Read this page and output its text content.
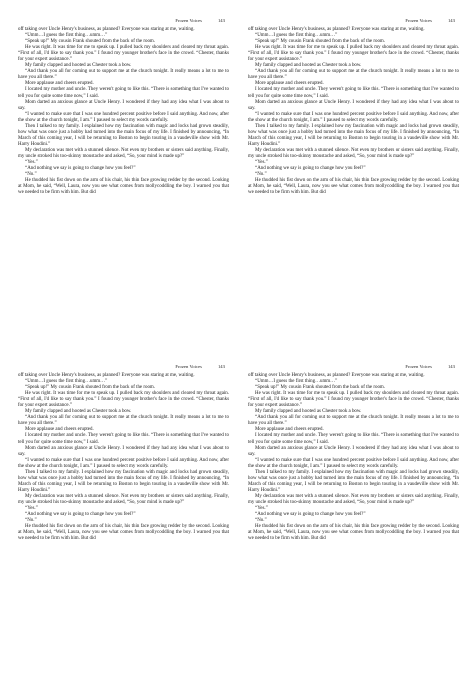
Frozen Voices	143

off taking over Uncle Henry's business, as planned? Everyone was staring at me, waiting.

“Umm…I guess the first thing…umm…”

“Speak up!” My cousin Frank shouted from the back of the room.

He was right. It was time for me to speak up. I pulled back my shoulders and cleared my throat again. “First of all, I'd like to say thank you.” I found my younger brother's face in the crowd. “Chester, thanks for your expert assistance.”

My family clapped and hooted as Chester took a bow.

“And thank you all for coming out to support me at the church tonight. It really means a lot to me to have you all there.”

More applause and cheers erupted.

I located my mother and uncle. They weren't going to like this. “There is something that I've wanted to tell you for quite some time now,” I said.

Mom darted an anxious glance at Uncle Henry. I wondered if they had any idea what I was about to say.

“I wanted to make sure that I was one hundred percent positive before I said anything. And now, after the show at the church tonight, I am.” I paused to select my words carefully.

Then I talked to my family. I explained how my fascination with magic and locks had grown steadily, how what was once just a hobby had turned into the main focus of my life. I finished by announcing, “In March of this coming year, I will be returning to Boston to begin touring in a vaudeville show with Mr. Harry Houdini.”

My declaration was met with a stunned silence. Not even my brothers or sisters said anything. Finally, my uncle stroked his too-skinny moustache and asked, “So, your mind is made up?”

“Yes.”

“And nothing we say is going to change how you feel?”

“No.”

He thudded his fist down on the arm of his chair, his thin face growing redder by the second. Looking at Mom, he said, “Well, Laura, now you see what comes from mollycoddling the boy. I warned you that we needed to be firm with him. But did

Frozen Voices	143

off taking over Uncle Henry's business, as planned? Everyone was staring at me, waiting.

“Umm…I guess the first thing…umm…”

“Speak up!” My cousin Frank shouted from the back of the room.

He was right. It was time for me to speak up. I pulled back my shoulders and cleared my throat again. “First of all, I'd like to say thank you.” I found my younger brother's face in the crowd. “Chester, thanks for your expert assistance.”

My family clapped and hooted as Chester took a bow.

“And thank you all for coming out to support me at the church tonight. It really means a lot to me to have you all there.”

More applause and cheers erupted.

I located my mother and uncle. They weren't going to like this. “There is something that I've wanted to tell you for quite some time now,” I said.

Mom darted an anxious glance at Uncle Henry. I wondered if they had any idea what I was about to say.

“I wanted to make sure that I was one hundred percent positive before I said anything. And now, after the show at the church tonight, I am.” I paused to select my words carefully.

Then I talked to my family. I explained how my fascination with magic and locks had grown steadily, how what was once just a hobby had turned into the main focus of my life. I finished by announcing, “In March of this coming year, I will be returning to Boston to begin touring in a vaudeville show with Mr. Harry Houdini.”

My declaration was met with a stunned silence. Not even my brothers or sisters said anything. Finally, my uncle stroked his too-skinny moustache and asked, “So, your mind is made up?”

“Yes.”

“And nothing we say is going to change how you feel?”

“No.”

He thudded his fist down on the arm of his chair, his thin face growing redder by the second. Looking at Mom, he said, “Well, Laura, now you see what comes from mollycoddling the boy. I warned you that we needed to be firm with him. But did

Frozen Voices	143

off taking over Uncle Henry's business, as planned? Everyone was staring at me, waiting.

“Umm…I guess the first thing…umm…”

“Speak up!” My cousin Frank shouted from the back of the room.

He was right. It was time for me to speak up. I pulled back my shoulders and cleared my throat again. “First of all, I'd like to say thank you.” I found my younger brother's face in the crowd. “Chester, thanks for your expert assistance.”

My family clapped and hooted as Chester took a bow.

“And thank you all for coming out to support me at the church tonight. It really means a lot to me to have you all there.”

More applause and cheers erupted.

I located my mother and uncle. They weren't going to like this. “There is something that I've wanted to tell you for quite some time now,” I said.

Mom darted an anxious glance at Uncle Henry. I wondered if they had any idea what I was about to say.

“I wanted to make sure that I was one hundred percent positive before I said anything. And now, after the show at the church tonight, I am.” I paused to select my words carefully.

Then I talked to my family. I explained how my fascination with magic and locks had grown steadily, how what was once just a hobby had turned into the main focus of my life. I finished by announcing, “In March of this coming year, I will be returning to Boston to begin touring in a vaudeville show with Mr. Harry Houdini.”

My declaration was met with a stunned silence. Not even my brothers or sisters said anything. Finally, my uncle stroked his too-skinny moustache and asked, “So, your mind is made up?”

“Yes.”

“And nothing we say is going to change how you feel?”

“No.”

He thudded his fist down on the arm of his chair, his thin face growing redder by the second. Looking at Mom, he said, “Well, Laura, now you see what comes from mollycoddling the boy. I warned you that we needed to be firm with him. But did

Frozen Voices	143

off taking over Uncle Henry's business, as planned? Everyone was staring at me, waiting.

“Umm…I guess the first thing…umm…”

“Speak up!” My cousin Frank shouted from the back of the room.

He was right. It was time for me to speak up. I pulled back my shoulders and cleared my throat again. “First of all, I'd like to say thank you.” I found my younger brother's face in the crowd. “Chester, thanks for your expert assistance.”

My family clapped and hooted as Chester took a bow.

“And thank you all for coming out to support me at the church tonight. It really means a lot to me to have you all there.”

More applause and cheers erupted.

I located my mother and uncle. They weren't going to like this. “There is something that I've wanted to tell you for quite some time now,” I said.

Mom darted an anxious glance at Uncle Henry. I wondered if they had any idea what I was about to say.

“I wanted to make sure that I was one hundred percent positive before I said anything. And now, after the show at the church tonight, I am.” I paused to select my words carefully.

Then I talked to my family. I explained how my fascination with magic and locks had grown steadily, how what was once just a hobby had turned into the main focus of my life. I finished by announcing, “In March of this coming year, I will be returning to Boston to begin touring in a vaudeville show with Mr. Harry Houdini.”

My declaration was met with a stunned silence. Not even my brothers or sisters said anything. Finally, my uncle stroked his too-skinny moustache and asked, “So, your mind is made up?”

“Yes.”

“And nothing we say is going to change how you feel?”

“No.”

He thudded his fist down on the arm of his chair, his thin face growing redder by the second. Looking at Mom, he said, “Well, Laura, now you see what comes from mollycoddling the boy. I warned you that we needed to be firm with him. But did
